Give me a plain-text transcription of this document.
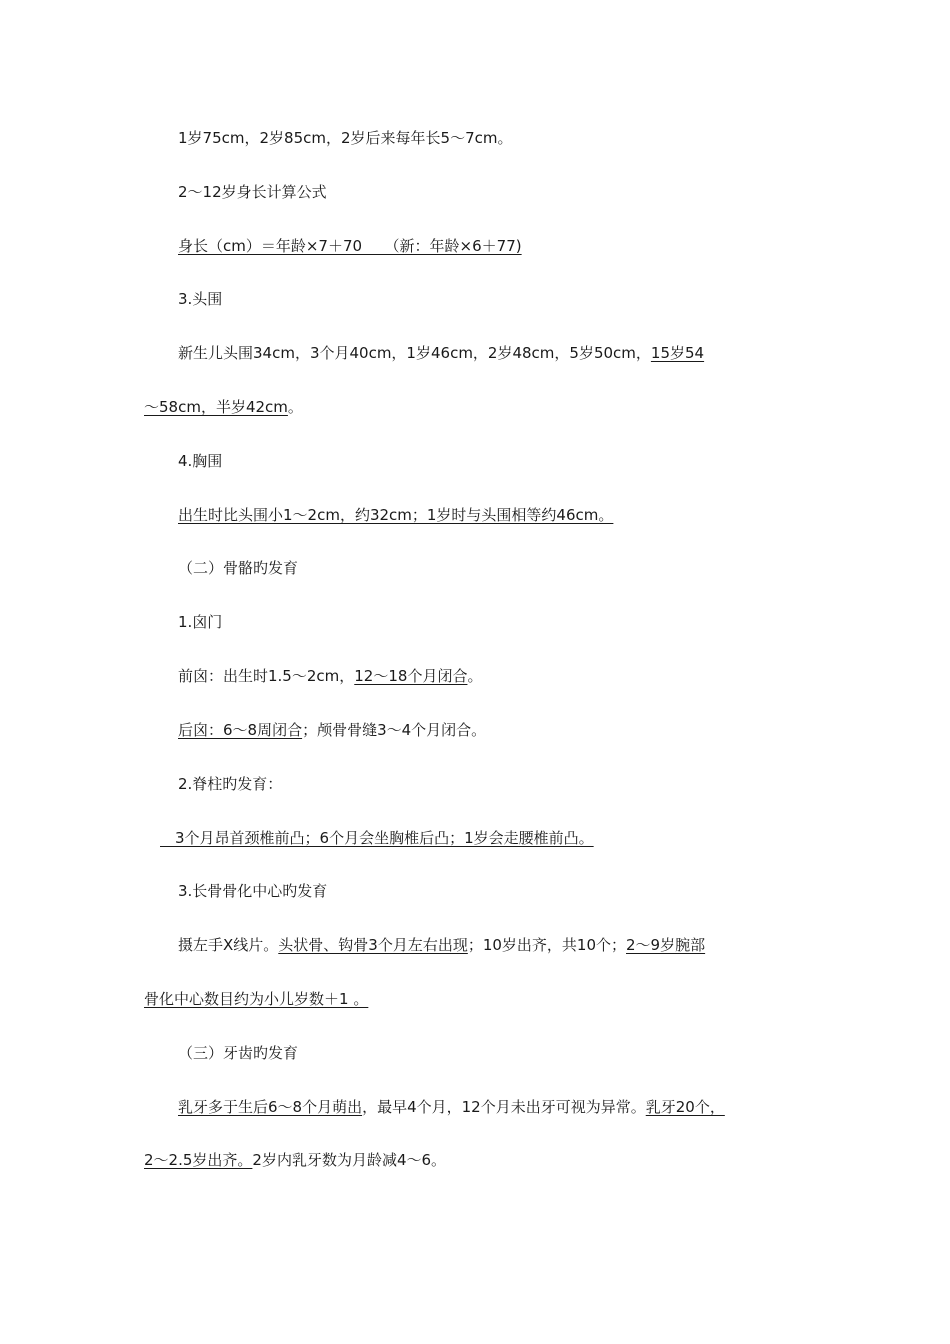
1岁75cm，2岁85cm，2岁后来每年长5～7cm。
2～12岁身长计算公式
身长（cm）＝年龄×7＋70　　（新：年龄×6＋77)
3.头围
新生儿头围34cm，3个月40cm，1岁46cm，2岁48cm，5岁50cm，15岁54
～58cm，半岁42cm。
4.胸围
出生时比头围小1～2cm，约32cm；1岁时与头围相等约46cm。
（二）骨骼旳发育
1.囟门
前囟：出生时1.5～2cm，12～18个月闭合。
后囟：6～8周闭合；颅骨骨缝3～4个月闭合。
2.脊柱旳发育：
　3个月昂首颈椎前凸；6个月会坐胸椎后凸；1岁会走腰椎前凸。
3.长骨骨化中心旳发育
摄左手X线片。头状骨、钩骨3个月左右出现；10岁出齐，共10个；2～9岁腕部
骨化中心数目约为小儿岁数＋1 。
（三）牙齿旳发育
乳牙多于生后6～8个月萌出，最早4个月，12个月未出牙可视为异常。乳牙20个，
2～2.5岁出齐。2岁内乳牙数为月龄减4～6。
